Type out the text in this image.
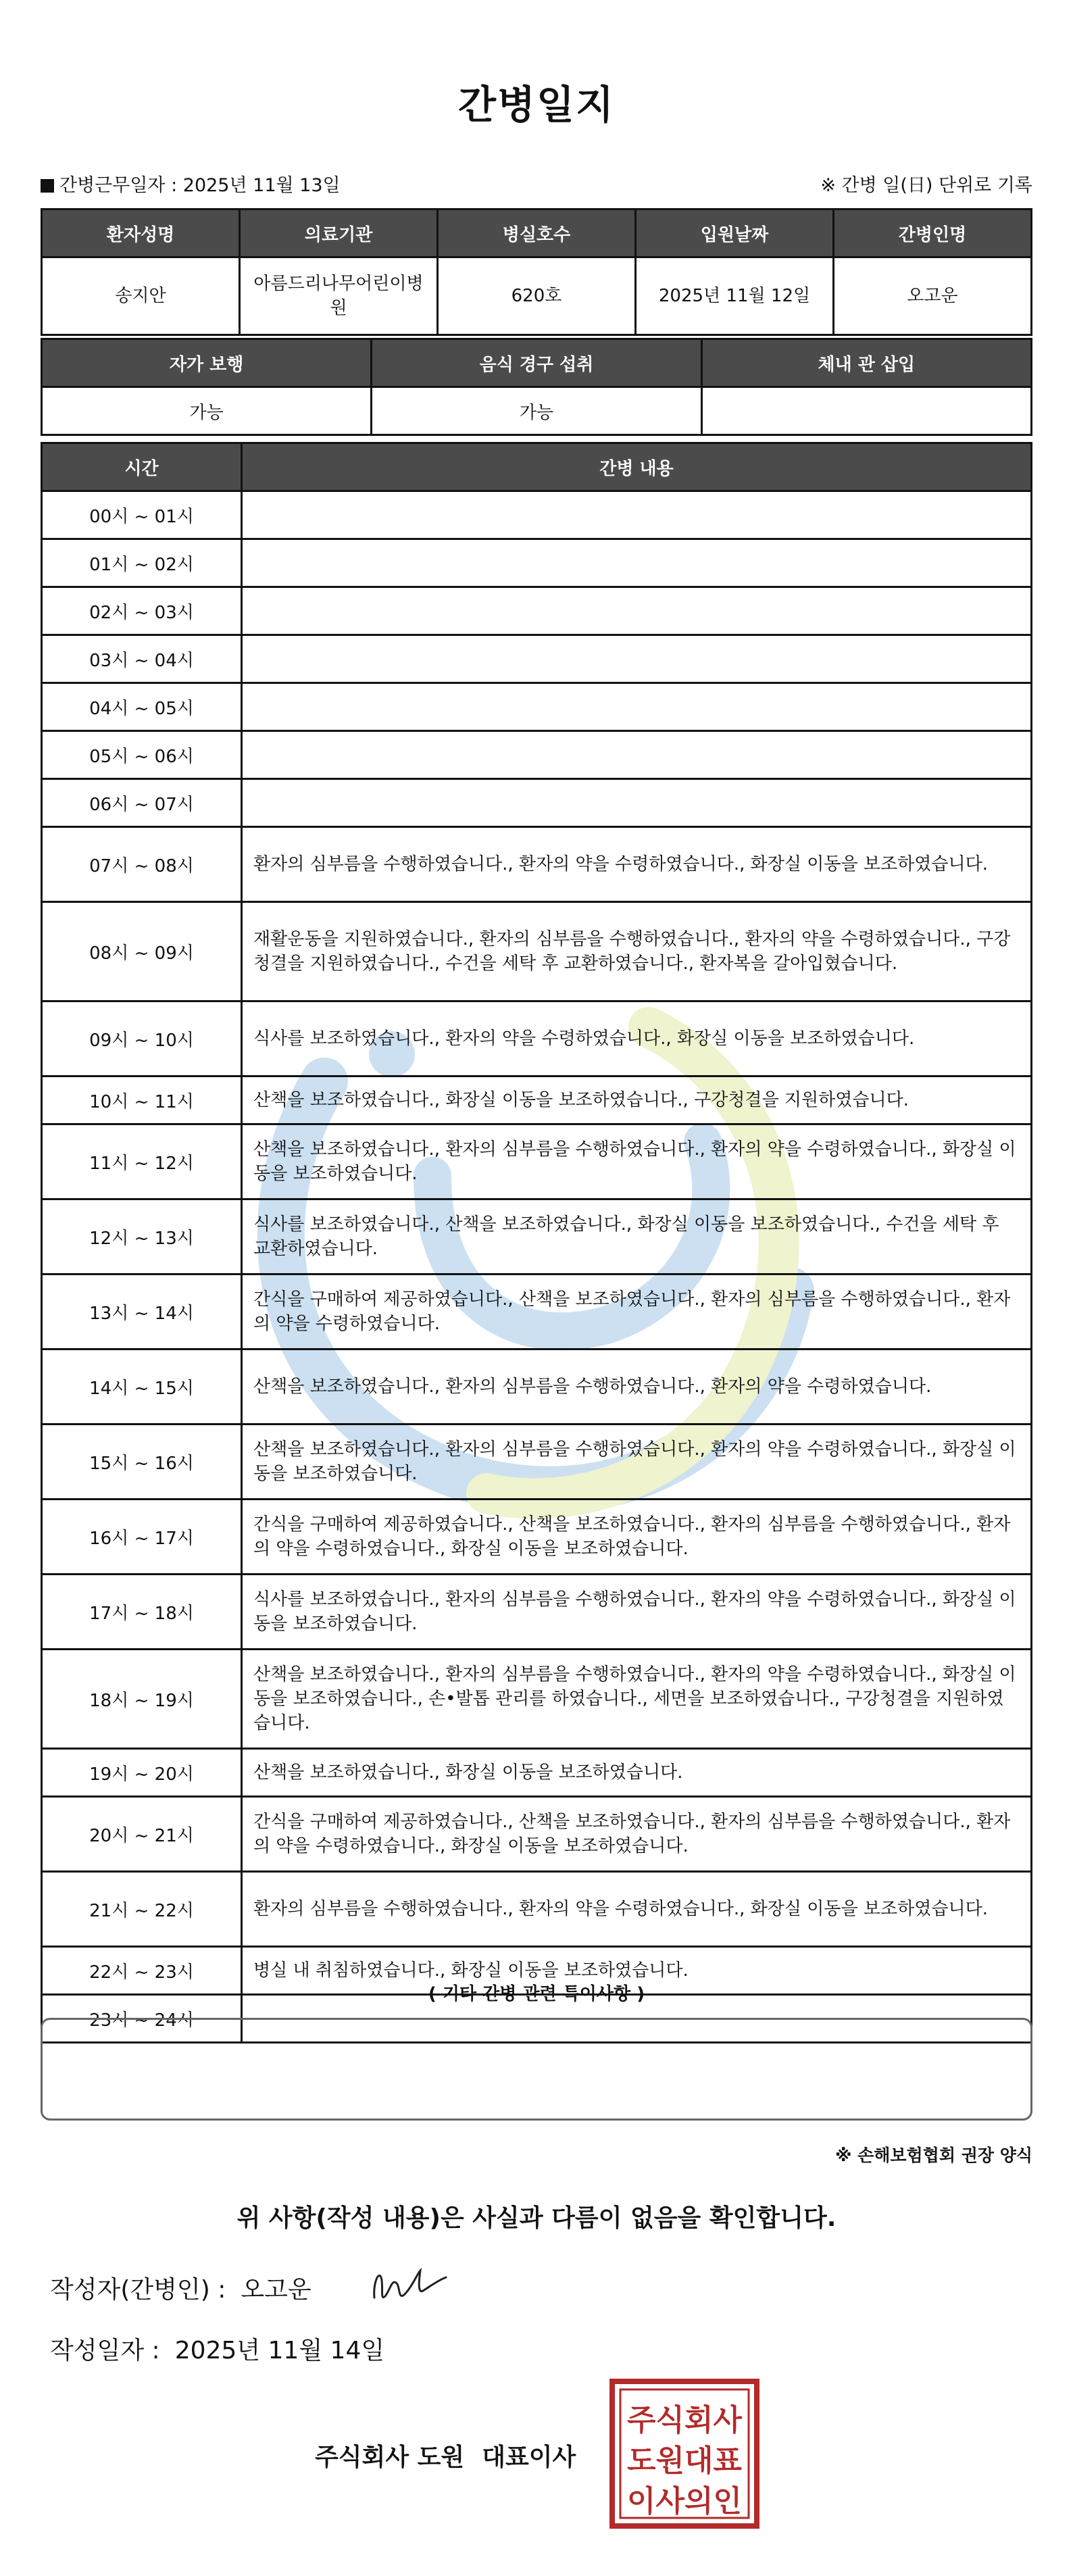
간병일지
간병근무일자 : 2025년 11월 13일	※ 간병 일(日) 단위로 기록
환자성명	의료기관	병실호수	입원날짜	간병인명
송지안	아름드리나무어린이병원	620호	2025년 11월 12일	오고운
자가 보행	음식 경구 섭취	체내 관 삽입
가능	가능	
시간	간병 내용
00시 ~ 01시	
01시 ~ 02시	
02시 ~ 03시	
03시 ~ 04시	
04시 ~ 05시	
05시 ~ 06시	
06시 ~ 07시	
07시 ~ 08시	환자의 심부름을 수행하였습니다., 환자의 약을 수령하였습니다., 화장실 이동을 보조하였습니다.
08시 ~ 09시	재활운동을 지원하였습니다., 환자의 심부름을 수행하였습니다., 환자의 약을 수령하였습니다., 구강청결을 지원하였습니다., 수건을 세탁 후 교환하였습니다., 환자복을 갈아입혔습니다.
09시 ~ 10시	식사를 보조하였습니다., 환자의 약을 수령하였습니다., 화장실 이동을 보조하였습니다.
10시 ~ 11시	산책을 보조하였습니다., 화장실 이동을 보조하였습니다., 구강청결을 지원하였습니다.
11시 ~ 12시	산책을 보조하였습니다., 환자의 심부름을 수행하였습니다., 환자의 약을 수령하였습니다., 화장실 이동을 보조하였습니다.
12시 ~ 13시	식사를 보조하였습니다., 산책을 보조하였습니다., 화장실 이동을 보조하였습니다., 수건을 세탁 후 교환하였습니다.
13시 ~ 14시	간식을 구매하여 제공하였습니다., 산책을 보조하였습니다., 환자의 심부름을 수행하였습니다., 환자의 약을 수령하였습니다.
14시 ~ 15시	산책을 보조하였습니다., 환자의 심부름을 수행하였습니다., 환자의 약을 수령하였습니다.
15시 ~ 16시	산책을 보조하였습니다., 환자의 심부름을 수행하였습니다., 환자의 약을 수령하였습니다., 화장실 이동을 보조하였습니다.
16시 ~ 17시	간식을 구매하여 제공하였습니다., 산책을 보조하였습니다., 환자의 심부름을 수행하였습니다., 환자의 약을 수령하였습니다., 화장실 이동을 보조하였습니다.
17시 ~ 18시	식사를 보조하였습니다., 환자의 심부름을 수행하였습니다., 환자의 약을 수령하였습니다., 화장실 이동을 보조하였습니다.
18시 ~ 19시	산책을 보조하였습니다., 환자의 심부름을 수행하였습니다., 환자의 약을 수령하였습니다., 화장실 이동을 보조하였습니다., 손•발톱 관리를 하였습니다., 세면을 보조하였습니다., 구강청결을 지원하였습니다.
19시 ~ 20시	산책을 보조하였습니다., 화장실 이동을 보조하였습니다.
20시 ~ 21시	간식을 구매하여 제공하였습니다., 산책을 보조하였습니다., 환자의 심부름을 수행하였습니다., 환자의 약을 수령하였습니다., 화장실 이동을 보조하였습니다.
21시 ~ 22시	환자의 심부름을 수행하였습니다., 환자의 약을 수령하였습니다., 화장실 이동을 보조하였습니다.
22시 ~ 23시	병실 내 취침하였습니다., 화장실 이동을 보조하였습니다.
23시 ~ 24시	
( 기타 간병 관련 특이사항 )
※ 손해보험협회 권장 양식
위 사항(작성 내용)은 사실과 다름이 없음을 확인합니다.
작성자(간병인) : 오고운
작성일자 : 2025년 11월 14일
주식회사 도원 대표이사
주식회사
도원대표
이사의인
